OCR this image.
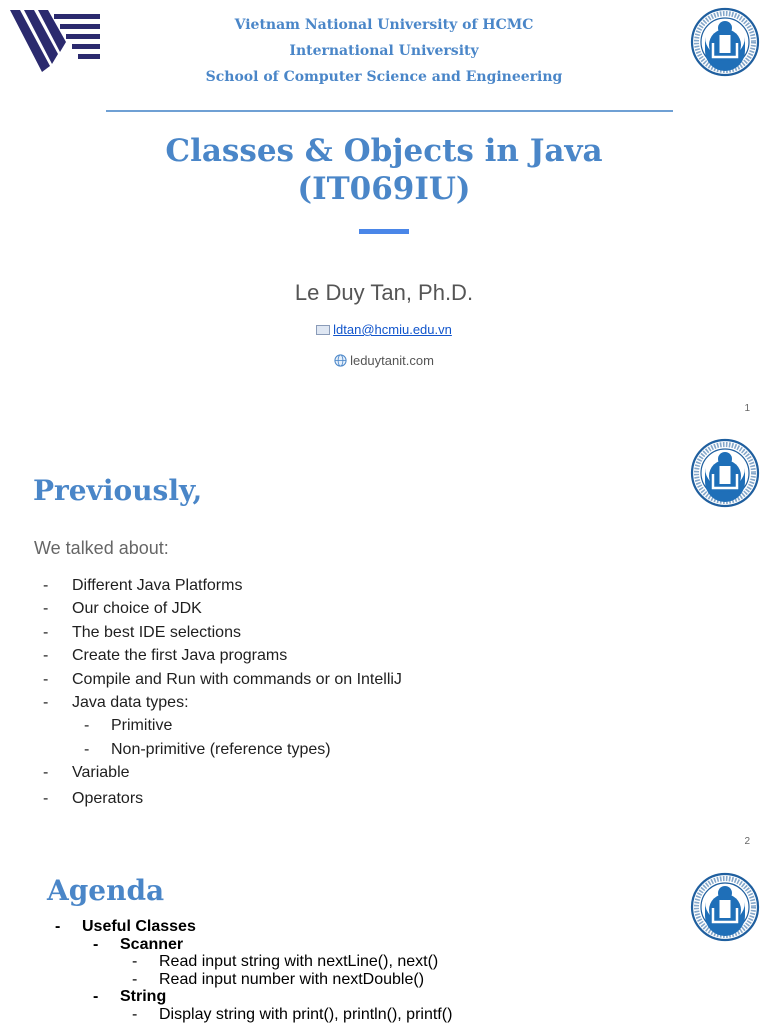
Vietnam National University of HCMC
International University
School of Computer Science and Engineering
Classes & Objects in Java
(IT069IU)
Le Duy Tan, Ph.D.
ldtan@hcmiu.edu.vn
leduytanit.com
1
Previously,
We talked about:
- Different Java Platforms
- Our choice of JDK
- The best IDE selections
- Create the first Java programs
- Compile and Run with commands or on IntelliJ
- Java data types:
- Primitive
- Non-primitive (reference types)
- Variable
- Operators
2
Agenda
- Useful Classes
- Scanner
- Read input string with nextLine(), next()
- Read input number with nextDouble()
- String
- Display string with print(), println(), printf()
